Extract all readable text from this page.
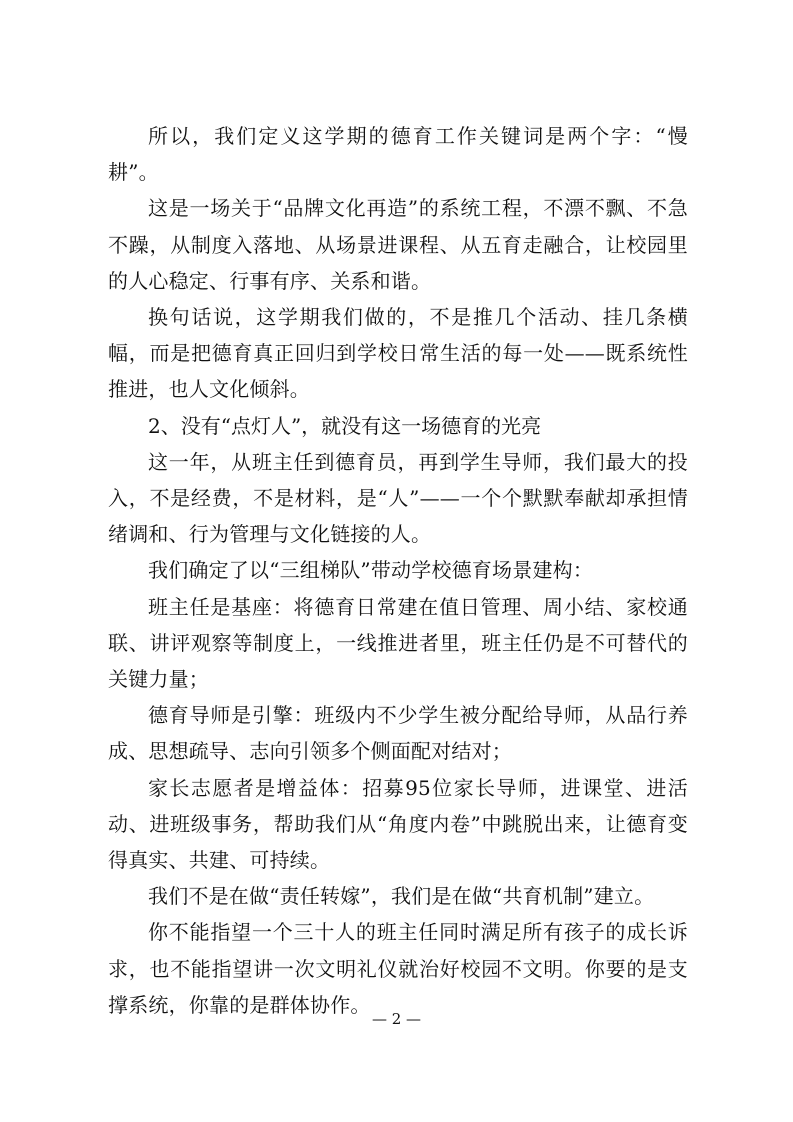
所以，我们定义这学期的德育工作关键词是两个字：“慢耕”。

这是一场关于“品牌文化再造”的系统工程，不漂不飘、不急不躁，从制度入落地、从场景进课程、从五育走融合，让校园里的人心稳定、行事有序、关系和谐。

换句话说，这学期我们做的，不是推几个活动、挂几条横幅，而是把德育真正回归到学校日常生活的每一处——既系统性推进，也人文化倾斜。

2、没有“点灯人”，就没有这一场德育的光亮

这一年，从班主任到德育员，再到学生导师，我们最大的投入，不是经费，不是材料，是“人”——一个个默默奉献却承担情绪调和、行为管理与文化链接的人。

我们确定了以“三组梯队”带动学校德育场景建构：

班主任是基座：将德育日常建在值日管理、周小结、家校通联、讲评观察等制度上，一线推进者里，班主任仍是不可替代的关键力量；

德育导师是引擎：班级内不少学生被分配给导师，从品行养成、思想疏导、志向引领多个侧面配对结对；

家长志愿者是增益体：招募95位家长导师，进课堂、进活动、进班级事务，帮助我们从“角度内卷”中跳脱出来，让德育变得真实、共建、可持续。

我们不是在做“责任转嫁”，我们是在做“共育机制”建立。

你不能指望一个三十人的班主任同时满足所有孩子的成长诉求，也不能指望讲一次文明礼仪就治好校园不文明。你要的是支撑系统，你靠的是群体协作。

— 2 —
